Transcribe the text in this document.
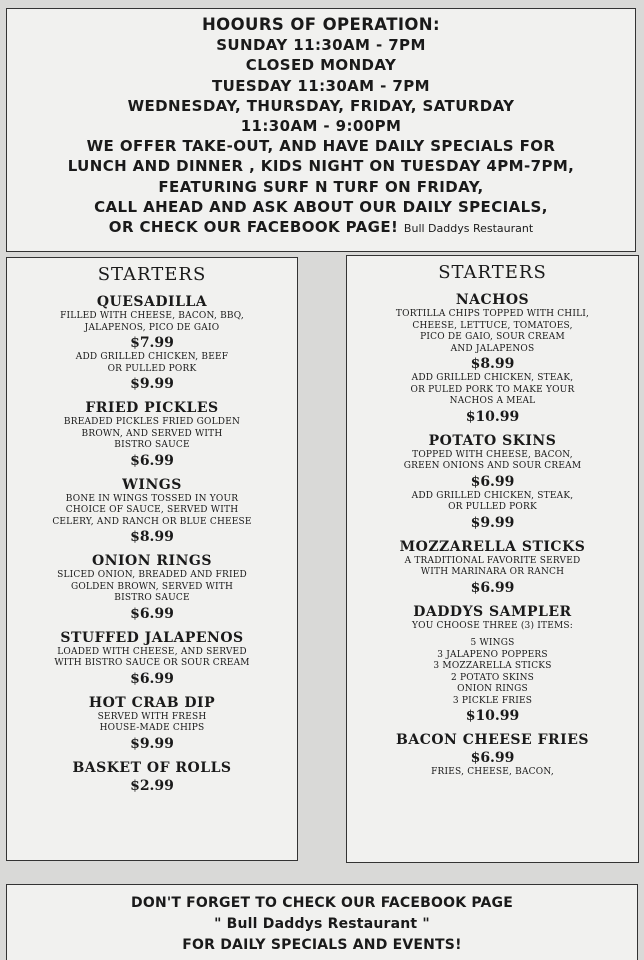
HOOURS OF OPERATION:
SUNDAY 11:30AM - 7PM
CLOSED MONDAY
TUESDAY 11:30AM - 7PM
WEDNESDAY, THURSDAY, FRIDAY, SATURDAY
11:30AM - 9:00PM
WE OFFER TAKE-OUT, AND HAVE DAILY SPECIALS FOR
LUNCH AND DINNER , KIDS NIGHT ON TUESDAY 4PM-7PM,
FEATURING SURF N TURF ON FRIDAY,
CALL AHEAD AND ASK ABOUT OUR DAILY SPECIALS,
OR CHECK OUR FACEBOOK PAGE! Bull Daddys Restaurant
STARTERS
QUESADILLA
FILLED WITH CHEESE, BACON, BBQ,
JALAPENOS, PICO DE GAIO
$7.99
ADD GRILLED CHICKEN, BEEF
OR PULLED PORK
$9.99
FRIED PICKLES
BREADED PICKLES FRIED GOLDEN
BROWN, AND SERVED WITH
BISTRO SAUCE
$6.99
WINGS
BONE IN WINGS TOSSED IN YOUR
CHOICE OF SAUCE, SERVED WITH
CELERY, AND RANCH OR BLUE CHEESE
$8.99
ONION RINGS
SLICED ONION, BREADED AND FRIED
GOLDEN BROWN, SERVED WITH
BISTRO SAUCE
$6.99
STUFFED JALAPENOS
LOADED WITH CHEESE, AND SERVED
WITH BISTRO SAUCE OR SOUR CREAM
$6.99
HOT CRAB DIP
SERVED WITH FRESH
HOUSE-MADE CHIPS
$9.99
BASKET OF ROLLS
$2.99
STARTERS
NACHOS
TORTILLA CHIPS TOPPED WITH CHILI,
CHEESE, LETTUCE, TOMATOES,
PICO DE GAIO, SOUR CREAM
AND JALAPENOS
$8.99
ADD GRILLED CHICKEN, STEAK,
OR PULED PORK TO MAKE YOUR
NACHOS A MEAL
$10.99
POTATO SKINS
TOPPED WITH CHEESE, BACON,
GREEN ONIONS AND SOUR CREAM
$6.99
ADD GRILLED CHICKEN, STEAK,
OR PULLED PORK
$9.99
MOZZARELLA STICKS
A TRADITIONAL FAVORITE SERVED
WITH MARINARA OR RANCH
$6.99
DADDYS SAMPLER
YOU CHOOSE THREE (3) ITEMS:
5 WINGS
3 JALAPENO POPPERS
3 MOZZARELLA STICKS
2 POTATO SKINS
ONION RINGS
3 PICKLE FRIES
$10.99
BACON CHEESE FRIES
$6.99
FRIES, CHEESE, BACON,
DON'T FORGET TO CHECK OUR FACEBOOK PAGE
" Bull Daddys Restaurant "
FOR DAILY SPECIALS AND EVENTS!
